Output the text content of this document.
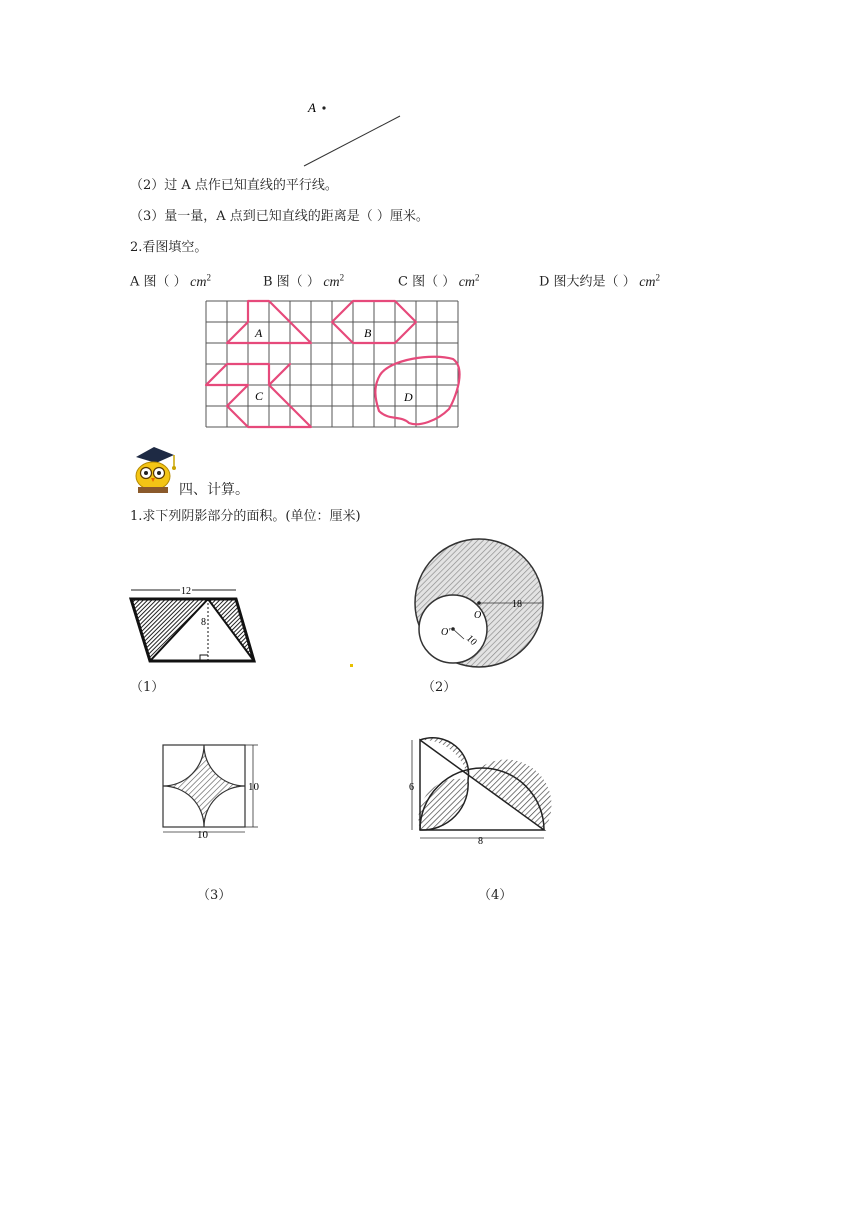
A
（2）过 A 点作已知直线的平行线。
（3）量一量，A 点到已知直线的距离是（ ）厘米。
2.看图填空。
A 图（ ） $cm^2$	B 图（ ） $cm^2$	C 图（ ） $cm^2$	D 图大约是（ ） $cm^2$
A	B
C	D
四、计算。
1.求下列阴影部分的面积。(单位：厘米)
12
8
（1）
O
18
O'
10
（2）
10
10
（3）
6
8
（4）
